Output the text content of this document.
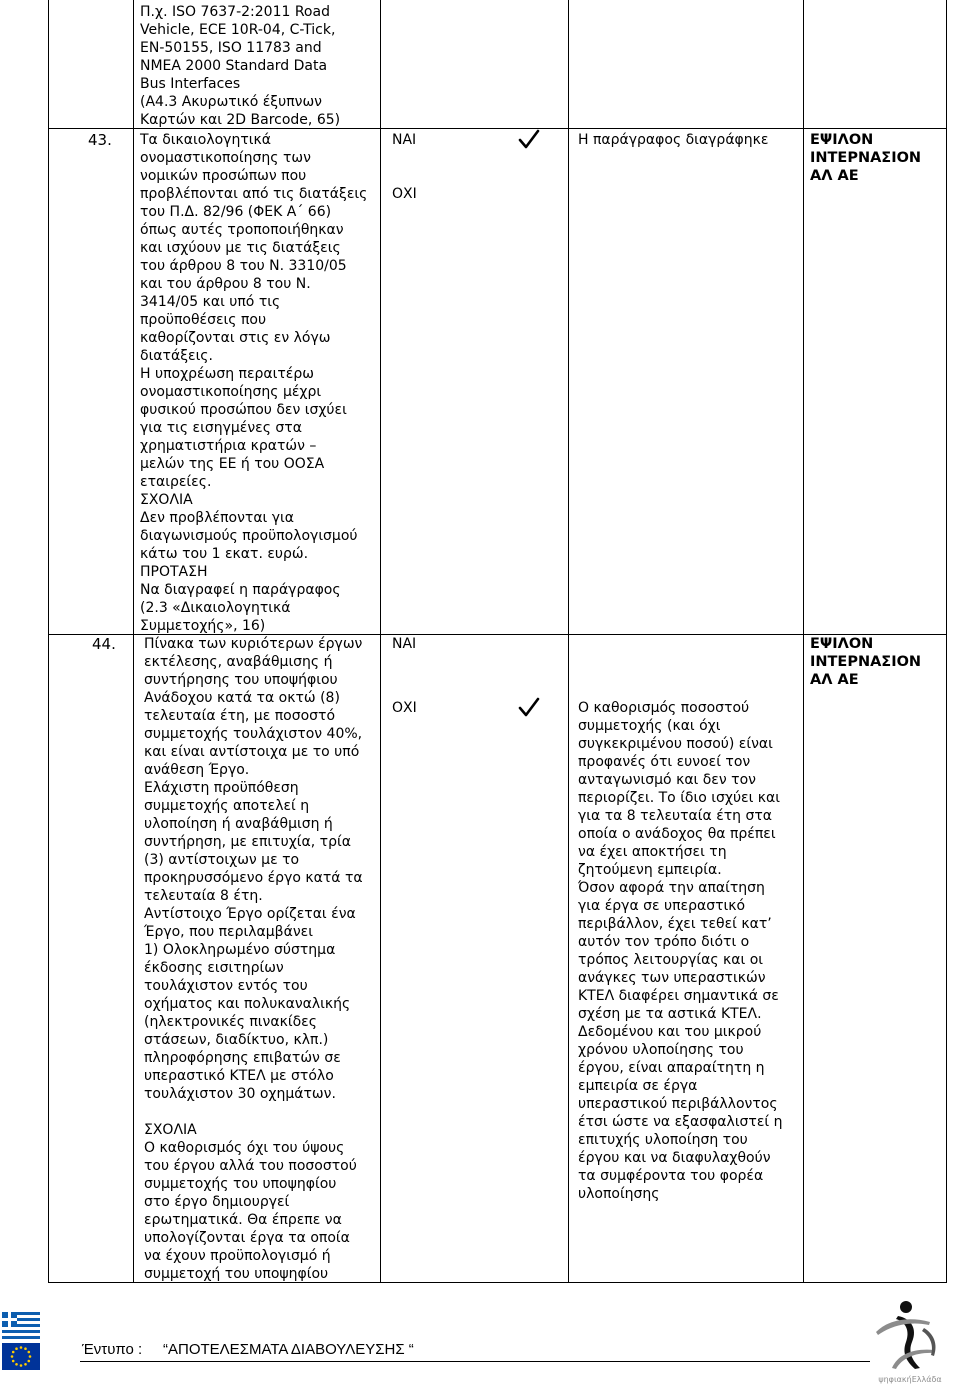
Π.χ. ISO 7637-2:2011 Road
Vehicle, ECE 10R-04, C-Tick,
EN-50155, ISO 11783 and
NMEA 2000 Standard Data
Bus Interfaces
(Α4.3 Ακυρωτικό έξυπνων
Καρτών και 2D Barcode, 65)
43. Τα δικαιολογητικά
ονομαστικοποίησης των
νομικών προσώπων που
προβλέπονται από τις διατάξεις
του Π.Δ. 82/96 (ΦΕΚ Α΄ 66)
όπως αυτές τροποποιήθηκαν
και ισχύουν με τις διατάξεις
του άρθρου 8 του Ν. 3310/05
και του άρθρου 8 του Ν.
3414/05 και υπό τις
προϋποθέσεις που
καθορίζονται στις εν λόγω
διατάξεις.
Η υποχρέωση περαιτέρω
ονομαστικοποίησης μέχρι
φυσικού προσώπου δεν ισχύει
για τις εισηγμένες στα
χρηματιστήρια κρατών –
μελών της ΕΕ ή του ΟΟΣΑ
εταιρείες.
ΣΧΟΛΙΑ
Δεν προβλέπονται για
διαγωνισμούς προϋπολογισμού
κάτω του 1 εκατ. ευρώ.
ΠΡΟΤΑΣΗ
Να διαγραφεί η παράγραφος
(2.3 «Δικαιολογητικά
Συμμετοχής», 16)
ΝΑΙ
ΟΧΙ
Η παράγραφος διαγράφηκε	ΕΨΙΛΟΝ
ΙΝΤΕΡΝΑΣΙΟΝ
ΑΛ ΑΕ
44. Πίνακα των κυριότερων έργων
εκτέλεσης, αναβάθμισης ή
συντήρησης του υποψήφιου
Ανάδοχου κατά τα οκτώ (8)
τελευταία έτη, με ποσοστό
συμμετοχής τουλάχιστον 40%,
και είναι αντίστοιχα με το υπό
ανάθεση Έργο.
Ελάχιστη προϋπόθεση
συμμετοχής αποτελεί η
υλοποίηση ή αναβάθμιση ή
συντήρηση, με επιτυχία, τρία
(3) αντίστοιχων με το
προκηρυσσόμενο έργο κατά τα
τελευταία 8 έτη.
Αντίστοιχο Έργο ορίζεται ένα
Έργο, που περιλαμβάνει
1) Ολοκληρωμένο σύστημα
έκδοσης εισιτηρίων
τουλάχιστον εντός του
οχήματος και πολυκαναλικής
(ηλεκτρονικές πινακίδες
στάσεων, διαδίκτυο, κλπ.)
πληροφόρησης επιβατών σε
υπεραστικό ΚΤΕΛ με στόλο
τουλάχιστον 30 οχημάτων.

ΣΧΟΛΙΑ
Ο καθορισμός όχι του ύψους
του έργου αλλά του ποσοστού
συμμετοχής του υποψηφίου
στο έργο δημιουργεί
ερωτηματικά. Θα έπρεπε να
υπολογίζονται έργα τα οποία
να έχουν προϋπολογισμό ή
συμμετοχή του υποψηφίου
ΝΑΙ
ΟΧΙ	Ο καθορισμός ποσοστού
συμμετοχής (και όχι
συγκεκριμένου ποσού) είναι
προφανές ότι ευνοεί τον
ανταγωνισμό και δεν τον
περιορίζει. Το ίδιο ισχύει και
για τα 8 τελευταία έτη στα
οποία ο ανάδοχος θα πρέπει
να έχει αποκτήσει τη
ζητούμενη εμπειρία.
Όσον αφορά την απαίτηση
για έργα σε υπεραστικό
περιβάλλον, έχει τεθεί κατ’
αυτόν τον τρόπο διότι ο
τρόπος λειτουργίας και οι
ανάγκες των υπεραστικών
ΚΤΕΛ διαφέρει σημαντικά σε
σχέση με τα αστικά ΚΤΕΛ.
Δεδομένου και του μικρού
χρόνου υλοποίησης του
έργου, είναι απαραίτητη η
εμπειρία σε έργα
υπεραστικού περιβάλλοντος
έτσι ώστε να εξασφαλιστεί η
επιτυχής υλοποίηση του
έργου και να διαφυλαχθούν
τα συμφέροντα του φορέα
υλοποίησης
ΕΨΙΛΟΝ
ΙΝΤΕΡΝΑΣΙΟΝ
ΑΛ ΑΕ
Έντυπο : “ΑΠΟΤΕΛΕΣΜΑΤΑ ΔΙΑΒΟΥΛΕΥΣΗΣ “
ψηφιακήΕλλάδα
